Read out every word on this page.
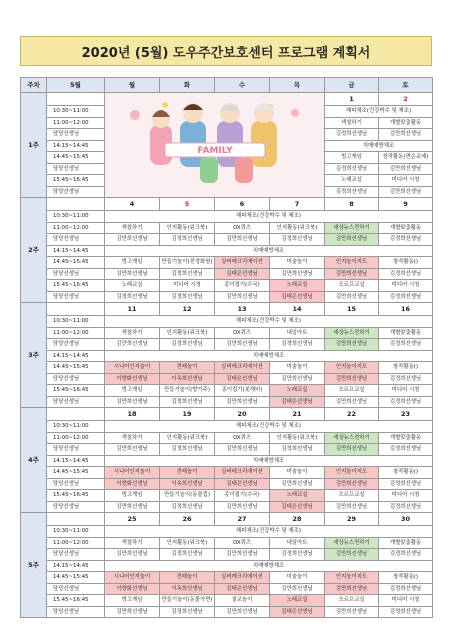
2020년 (5월) 도우주간보호센터 프로그램 계획서
주차	5월	월	화	수	목	금	토
1주		FAMILY				1	2
	10:30~11:00					해피체조(건강박수 및 체조)	
	11:00~12:00					색칠하기	개별맞춤활동
	담당선생님					김정희선생님	김만희선생님
	14:15~14:45					치매예방체조	
	14:45~15:45					빙고게임	창작활동(면손교예)
	담당선생님					김정희선생님	김만희선생님
	15:45~16:45					노래교실	미디어 시청
	담당선생님					김정희선생님	김만희선생님
2주		4	5	6	7	8	9
	10:30~11:00	해피체조(건강박수 및 체조)					
	11:00~12:00	색칠하기	인지활동(워크북)	OX퀴즈	인지활동(워크북)	세상뉴스전하기	개별맞춤활동
	담당선생님	김만희선생님	김정희선생님	김만희선생님	김정희선생님	김만희선생님	김정희선생님
	14:15~14:45	치매예방체조					
	14:45~15:45	빙고게임	만들기놀이(전경화원)	실버레크리에이션	미술놀이	인지놀이지도	창작활동()
	담당선생님	김만희선생님	김정희선생님	김태은선생님	김만희선생님	김만희선생님	김정희선생님
	15:45~16:45	노래교실	미디어 시청	종이접기(수국)	노래교실	오르프교실	미디어 시청
	담당선생님	김정희선생님	김정희선생님	김만희선생님	김태은선생님	김만희선생님	김정희선생님
3주		11	12	13	14	15	16
	10:30~11:00	해피체조(건강박수 및 체조)					
	11:00~12:00	색칠하기	인지활동(워크북)	OX퀴즈	네일아트	세상뉴스전하기	개별맞춤활동
	담당선생님	김만희선생님	김정희선생님	김만희선생님	김정희선생님	김만희선생님	김정희선생님
	14:15~14:45	치매예방체조					
	14:45~15:45	시니어인지놀이	전래놀이	실버레크리에이션	미술놀이	인지놀이지도	창작활동()
	담당선생님	이향화선생님	이옥희선생님	김태은선생님	김만희선생님	김만희선생님	김정희선생님
	15:45~16:45	빙고게임	만들기놀이(향기주)	종이접기(봇재비)	노래교실	오르프교실	미디어 시청
	담당선생님	김만희선생님	김정희선생님	김만희선생님	김태은선생님	김만희선생님	김정희선생님
4주		18	19	20	21	22	23
	10:30~11:00	해피체조(건강박수 및 체조)					
	11:00~12:00	색칠하기	인지활동(워크북)	OX퀴즈	인지활동(워크북)	세상뉴스전하기	개별맞춤활동
	담당선생님	김만희선생님	김정희선생님	김만희선생님	김정희선생님	김만희선생님	김정희선생님
	14:15~14:45	치매예방체조					
	14:45~15:45	시니어인지놀이	전래놀이	실버레크리에이션	미술놀이	인지놀이지도	창작활동()
	담당선생님	이향화선생님	이옥희선생님	김태은선생님	김만희선생님	김만희선생님	김정희선생님
	15:45~16:45	빙고게임	만들기놀이(동물컵)	종이접기(수국)	노래교실	오르프교실	미디어 시청
	담당선생님	김만희선생님	김정희선생님	김만희선생님	김태은선생님	김만희선생님	김정희선생님
5주		25	26	27	28	29	30
	10:30~11:00	해피체조(건강박수 및 체조)					
	11:00~12:00	색칠하기	인지활동(워크북)	OX퀴즈	네일아트	세상뉴스전하기	개별맞춤활동
	담당선생님	김만희선생님	김정희선생님	김만희선생님	김정희선생님	김만희선생님	김정희선생님
	14:15~14:45	치매예방체조					
	14:45~15:45	시니어인지놀이	전래놀이	실버레크리에이션	미술놀이	인지놀이지도	창작활동()
	담당선생님	이향화선생님	이옥희선생님	김태은선생님	김만희선생님	김만희선생님	김정희선생님
	15:45~16:45	빙고게임	만들기놀이(동물가면)	칠교놀이	노래교실	오르프교실	미디어 시청
	담당선생님	김만희선생님	김정희선생님	김만희선생님	김태은선생님	김만희선생님	김정희선생님
